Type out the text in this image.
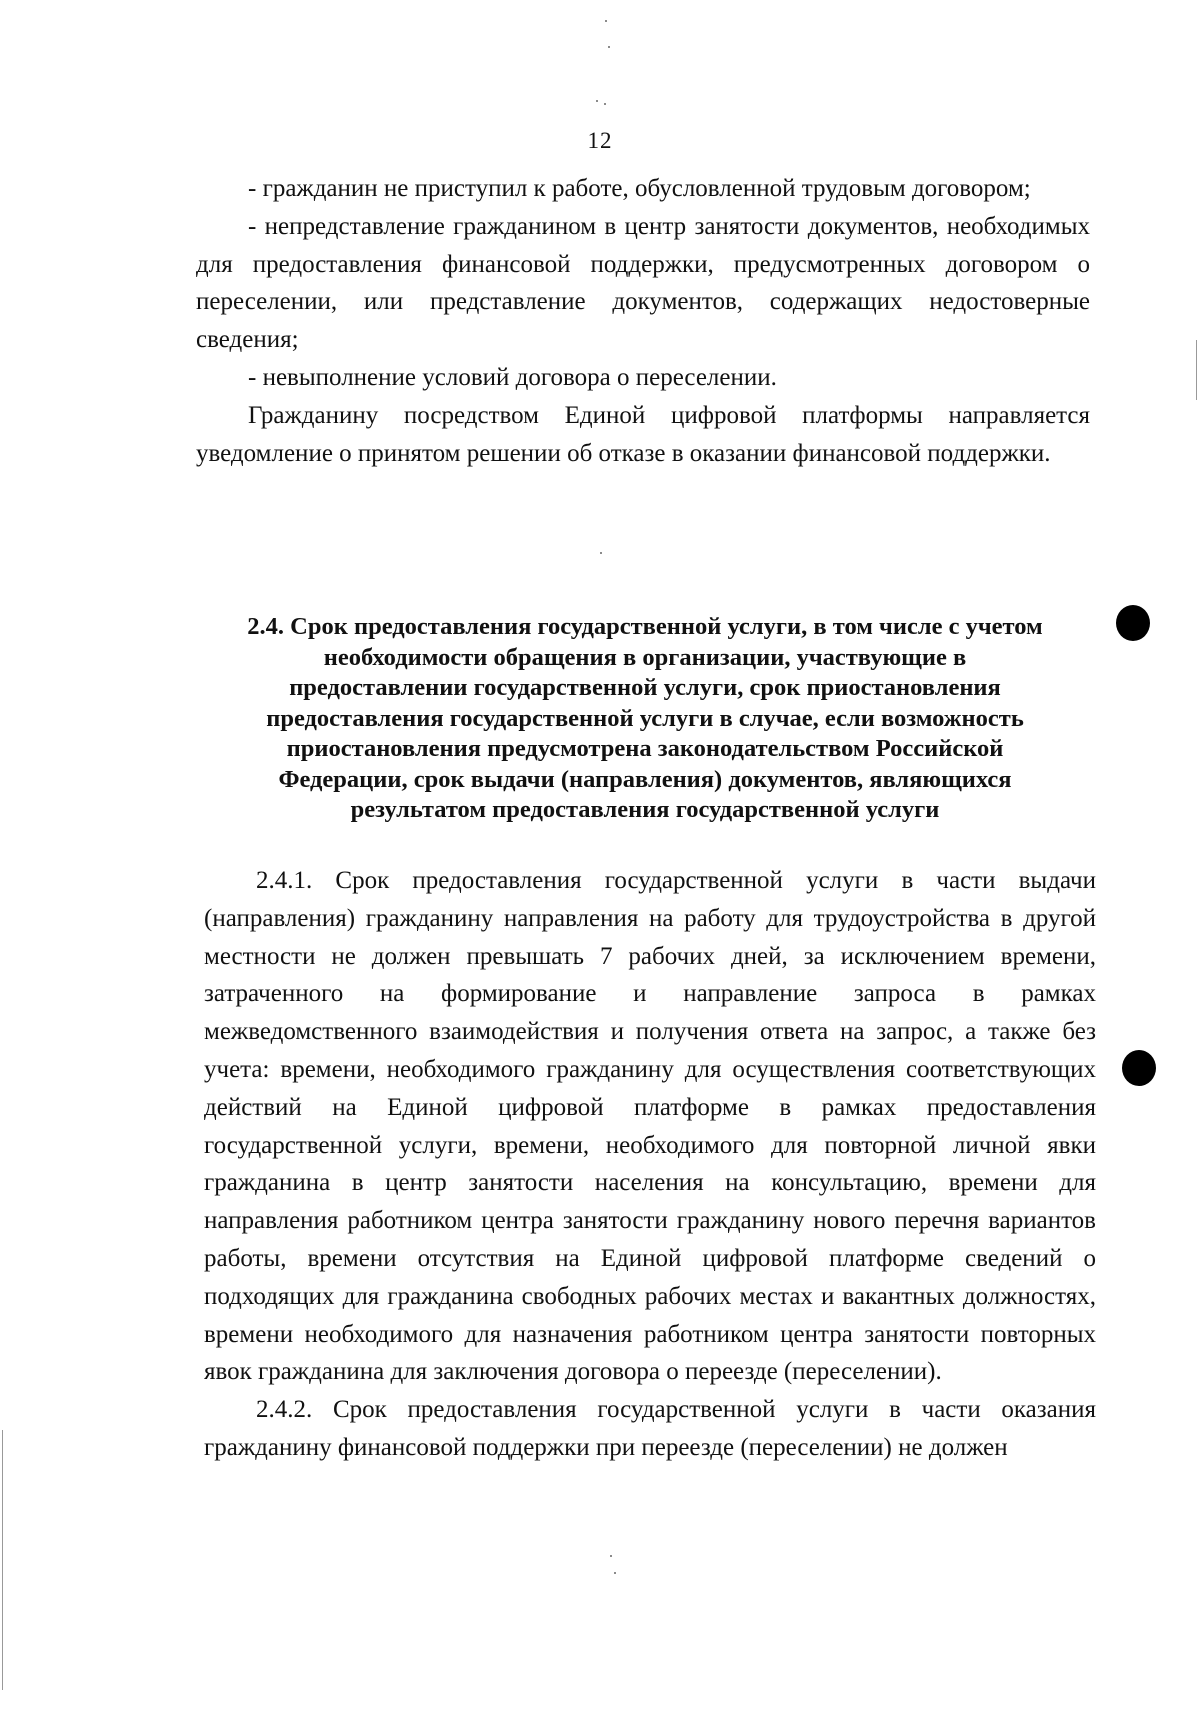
12

- гражданин не приступил к работе, обусловленной трудовым договором;

- непредставление гражданином в центр занятости документов, необходимых для предоставления финансовой поддержки, предусмотренных договором о переселении, или представление документов, содержащих недостоверные сведения;

- невыполнение условий договора о переселении.

Гражданину посредством Единой цифровой платформы направляется уведомление о принятом решении об отказе в оказании финансовой поддержки.

2.4. Срок предоставления государственной услуги, в том числе с учетом
необходимости обращения в организации, участвующие в
предоставлении государственной услуги, срок приостановления
предоставления государственной услуги в случае, если возможность
приостановления предусмотрена законодательством Российской
Федерации, срок выдачи (направления) документов, являющихся
результатом предоставления государственной услуги

2.4.1. Срок предоставления государственной услуги в части выдачи (направления) гражданину направления на работу для трудоустройства в другой местности не должен превышать 7 рабочих дней, за исключением времени, затраченного на формирование и направление запроса в рамках межведомственного взаимодействия и получения ответа на запрос, а также без учета: времени, необходимого гражданину для осуществления соответствующих действий на Единой цифровой платформе в рамках предоставления государственной услуги, времени, необходимого для повторной личной явки гражданина в центр занятости населения на консультацию, времени для направления работником центра занятости гражданину нового перечня вариантов работы, времени отсутствия на Единой цифровой платформе сведений о подходящих для гражданина свободных рабочих местах и вакантных должностях, времени необходимого для назначения работником центра занятости повторных явок гражданина для заключения договора о переезде (переселении).

2.4.2. Срок предоставления государственной услуги в части оказания гражданину финансовой поддержки при переезде (переселении) не должен
